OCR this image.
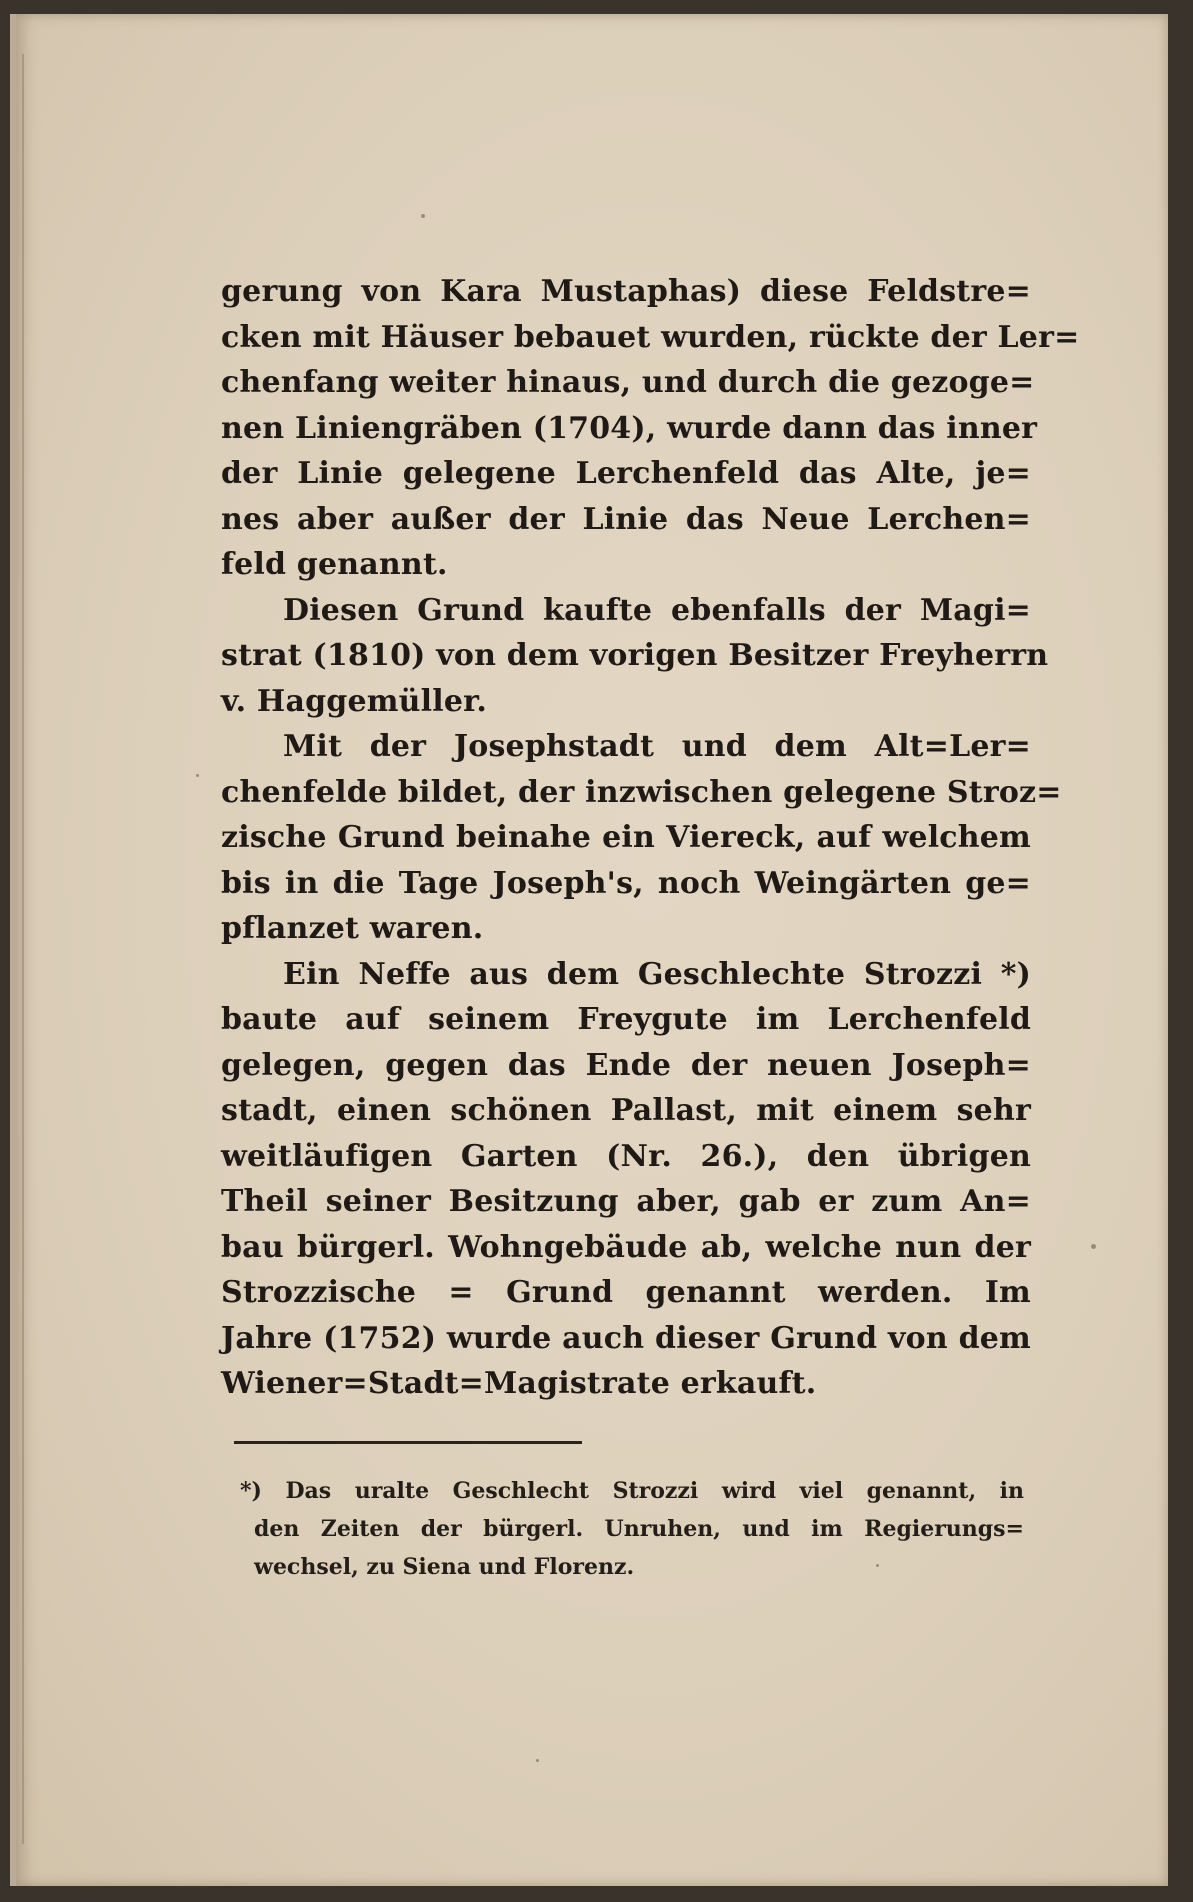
gerung von Kara Mustaphas) diese Feldstre=
cken mit Häuser bebauet wurden, rückte der Ler=
chenfang weiter hinaus, und durch die gezoge=
nen Liniengräben (1704), wurde dann das inner
der Linie gelegene Lerchenfeld das Alte, je=
nes aber außer der Linie das Neue Lerchen=
feld genannt.
Diesen Grund kaufte ebenfalls der Magi=
strat (1810) von dem vorigen Besitzer Freyherrn
v. Haggemüller.
Mit der Josephstadt und dem Alt=Ler=
chenfelde bildet, der inzwischen gelegene Stroz=
zische Grund beinahe ein Viereck, auf welchem
bis in die Tage Joseph's, noch Weingärten ge=
pflanzet waren.
Ein Neffe aus dem Geschlechte Strozzi *)
baute auf seinem Freygute im Lerchenfeld
gelegen, gegen das Ende der neuen Joseph=
stadt, einen schönen Pallast, mit einem sehr
weitläufigen Garten (Nr. 26.), den übrigen
Theil seiner Besitzung aber, gab er zum An=
bau bürgerl. Wohngebäude ab, welche nun der
Strozzische = Grund genannt werden. Im
Jahre (1752) wurde auch dieser Grund von dem
Wiener=Stadt=Magistrate erkauft.
*) Das uralte Geschlecht Strozzi wird viel genannt, in
den Zeiten der bürgerl. Unruhen, und im Regierungs=
wechsel, zu Siena und Florenz.
